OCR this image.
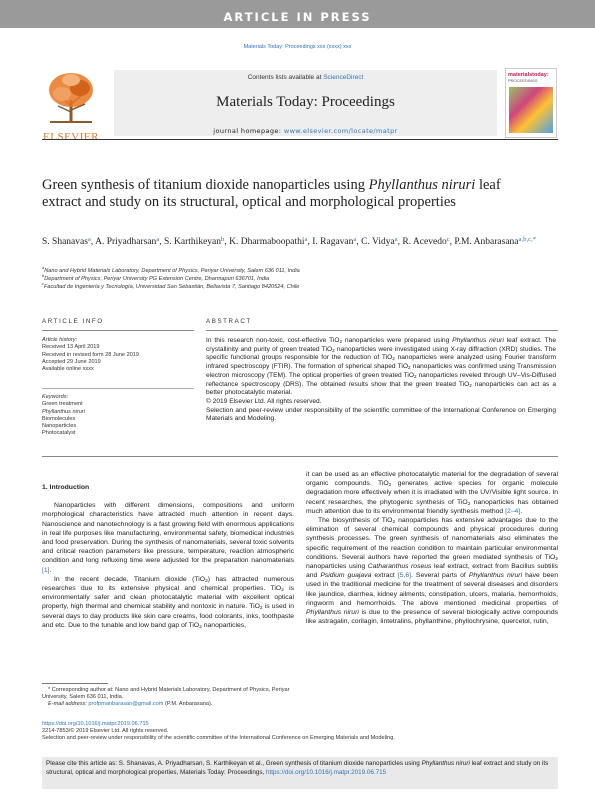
ARTICLE IN PRESS
Materials Today: Proceedings xxx (xxxx) xxx
ELSEVIER
Contents lists available at ScienceDirect
Materials Today: Proceedings
journal homepage: www.elsevier.com/locate/matpr
materialstoday:
PROCEEDINGS
Green synthesis of titanium dioxide nanoparticles using Phyllanthus niruri leaf extract and study on its structural, optical and morphological properties
S. Shanavas$^a$, A. Priyadharsan$^a$, S. Karthikeyan$^b$, K. Dharmaboopathi$^a$, I. Ragavan$^a$, C. Vidya$^a$, R. Acevedo$^c$, P.M. Anbarasana$^{a,b,c,*}$
$^a$Nano and Hybrid Materials Laboratory, Department of Physics, Periyar University, Salem 636 011, India
$^b$Department of Physics, Periyar University PG Extension Centre, Dharmapuri 636701, India
$^c$Facultad de Ingeniería y Tecnología, Universidad San Sebastián, Bellavista 7, Santiago 8420524, Chile
ARTICLE INFO	ABSTRACT
Article history:
Received 13 April 2019
Received in revised form 28 June 2019
Accepted 29 June 2019
Available online xxxx
Keywords:
Green treatment
Phyllanthus niruri
Biomolecules
Nanoparticles
Photocatalyst
In this research non-toxic, cost-effective TiO$_2$ nanoparticles were prepared using Phyllanthus niruri leaf extract. The crystallinity and purity of green treated TiO$_2$ nanoparticles were investigated using X-ray diffraction (XRD) studies. The specific functional groups responsible for the reduction of TiO$_2$ nanoparticles were analyzed using Fourier transform infrared spectroscopy (FTIR). The formation of spherical shaped TiO$_2$ nanoparticles was confirmed using Transmission electron microscopy (TEM). The optical properties of green treated TiO$_2$ nanoparticles reveled through UV–Vis-Diffused reflectance spectroscopy (DRS). The obtained results show that the green treated TiO$_2$ nanoparticles can act as a better photocatalytic material.
© 2019 Elsevier Ltd. All rights reserved.
Selection and peer-review under responsibility of the scientific committee of the International Conference on Emerging Materials and Modeling.

1. Introduction

Nanoparticles with different dimensions, compositions and uniform morphological characteristics have attracted much attention in recent days. Nanoscience and nanotechnology is a fast growing field with enormous applications in real life purposes like manufacturing, environmental safety, biomedical industries and food preservation. During the synthesis of nanomaterials, several toxic solvents and critical reaction parameters like pressure, temperature, reaction atmospheric condition and long refluxing time were adjusted for the preparation nanomaterials [1].

In the recent decade, Titanium dioxide (TiO$_2$) has attracted numerous researches due to its extensive physical and chemical properties. TiO$_2$ is environmentally safer and clean photocatalytic material with excellent optical property, high thermal and chemical stability and nontoxic in nature. TiO$_2$ is used in several days to day products like skin care creams, food colorants, inks, toothpaste and etc. Due to the tunable and low band gap of TiO$_2$ nanoparticles,

it can be used as an effective photocatalytic material for the degradation of several organic compounds. TiO$_2$ generates active species for organic molecule degradation more effectively when it is irradiated with the UV/Visible light source. In recent researches, the phytogenic synthesis of TiO$_2$ nanoparticles has obtained much attention due to its environmental friendly synthesis method [2–4].

The biosynthesis of TiO$_2$ nanoparticles has extensive advantages due to the elimination of several chemical compounds and physical procedures during synthesis processes. The green synthesis of nanomaterials also eliminates the specific requirement of the reaction condition to maintain particular environmental conditions. Several authors have reported the green mediated synthesis of TiO$_2$ nanoparticles using Catharanthus roseus leaf extract, extract from Bacillus subtilis and Psidium guajava extract [5,6]. Several parts of Phyllanthus niruri have been used in the traditional medicine for the treatment of several diseases and disorders like jaundice, diarrhea, kidney ailments, constipation, ulcers, malaria, hemorrhoids, ringworm and hemorrhoids. The above mentioned medicinal properties of Phyllanthus niruri is due to the presence of several biologically active compounds like astragalin, corilagin, lintetralins, phyllanthine, phyllochrysine, quercetol, rutin,

* Corresponding author at: Nano and Hybrid Materials Laboratory, Department of Physics, Periyar University, Salem 636 011, India.
E-mail address: profpmanbarasan@gmail.com (P.M. Anbarasana).
https://doi.org/10.1016/j.matpr.2019.06.715
2214-7853/© 2019 Elsevier Ltd. All rights reserved.
Selection and peer-review under responsibility of the scientific committee of the International Conference on Emerging Materials and Modeling.
Please cite this article as: S. Shanavas, A. Priyadharsan, S. Karthikeyan et al., Green synthesis of titanium dioxide nanoparticles using Phyllanthus niruri leaf extract and study on its structural, optical and morphological properties, Materials Today: Proceedings, https://doi.org/10.1016/j.matpr.2019.06.715
